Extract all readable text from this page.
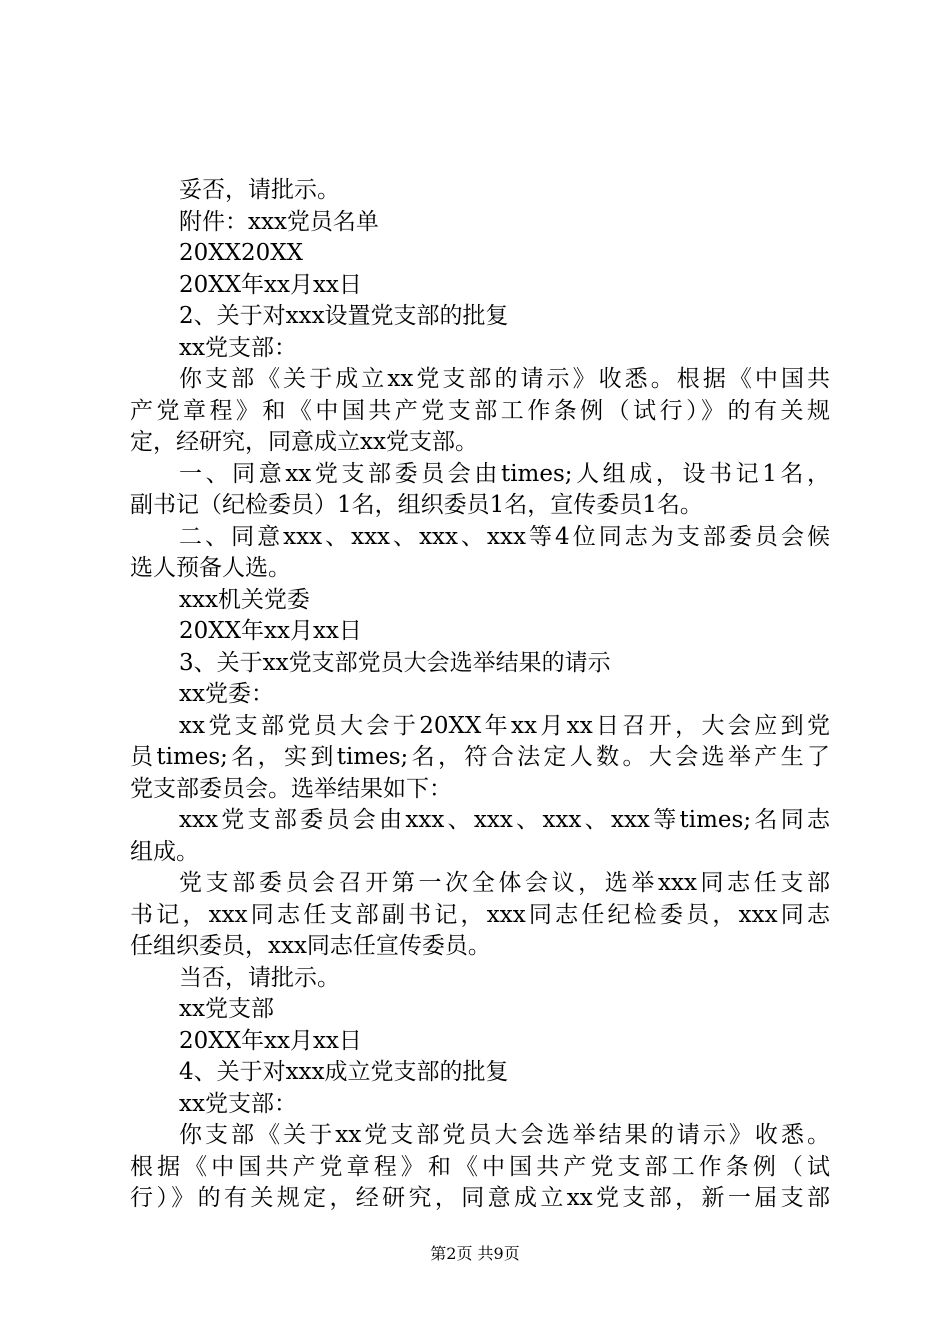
妥否，请批示。
附件：xxx党员名单
20XX20XX
20XX年xx月xx日
2、关于对xxx设置党支部的批复
xx党支部：
你支部《关于成立xx党支部的请示》收悉。根据《中国共
产党章程》和《中国共产党支部工作条例（试行）》的有关规
定，经研究，同意成立xx党支部。
一、同意xx党支部委员会由times;人组成，设书记1名，
副书记（纪检委员）1名，组织委员1名，宣传委员1名。
二、同意xxx、xxx、xxx、xxx等4位同志为支部委员会候
选人预备人选。
xxx机关党委
20XX年xx月xx日
3、关于xx党支部党员大会选举结果的请示
xx党委：
xx党支部党员大会于20XX年xx月xx日召开，大会应到党
员times;名，实到times;名，符合法定人数。大会选举产生了
党支部委员会。选举结果如下：
xxx党支部委员会由xxx、xxx、xxx、xxx等times;名同志
组成。
党支部委员会召开第一次全体会议，选举xxx同志任支部
书记，xxx同志任支部副书记，xxx同志任纪检委员，xxx同志
任组织委员，xxx同志任宣传委员。
当否，请批示。
xx党支部
20XX年xx月xx日
4、关于对xxx成立党支部的批复
xx党支部：
你支部《关于xx党支部党员大会选举结果的请示》收悉。
根据《中国共产党章程》和《中国共产党支部工作条例（试
行）》的有关规定，经研究，同意成立xx党支部，新一届支部
第2页 共9页
